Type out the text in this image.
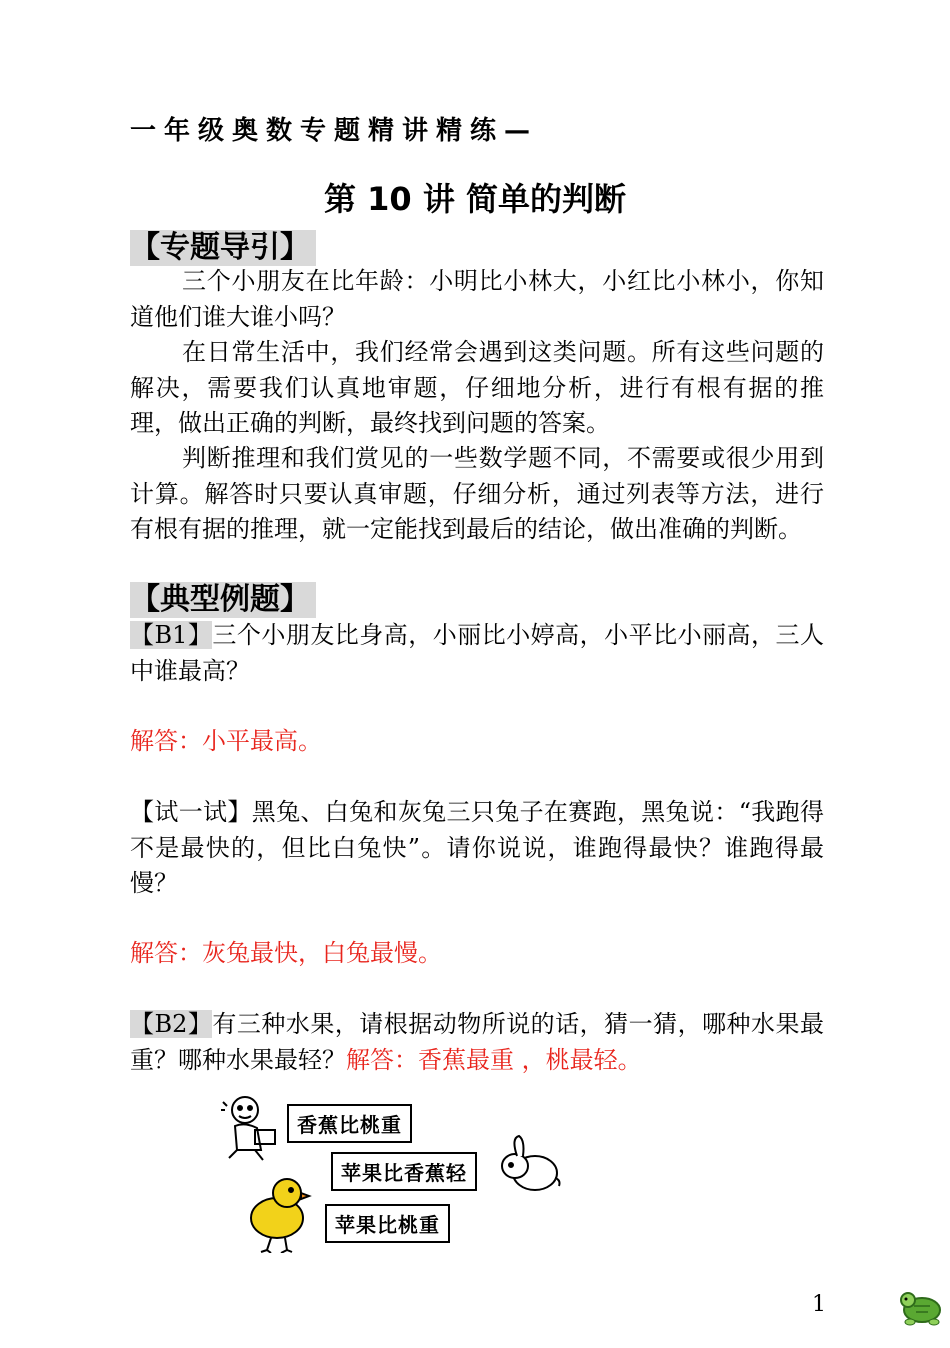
一年级奥数专题精讲精练—
第 10 讲 简单的判断
【专题导引】
三个小朋友在比年龄：小明比小林大，小红比小林小，你知道他们谁大谁小吗？
在日常生活中，我们经常会遇到这类问题。所有这些问题的解决，需要我们认真地审题，仔细地分析，进行有根有据的推理，做出正确的判断，最终找到问题的答案。
判断推理和我们赏见的一些数学题不同，不需要或很少用到计算。解答时只要认真审题，仔细分析，通过列表等方法，进行有根有据的推理，就一定能找到最后的结论，做出准确的判断。
【典型例题】
【B1】三个小朋友比身高，小丽比小婷高，小平比小丽高，三人中谁最高？
解答：小平最高。
【试一试】黑兔、白兔和灰兔三只兔子在赛跑，黑兔说：“我跑得不是最快的，但比白兔快”。请你说说，谁跑得最快？谁跑得最慢？
解答：灰兔最快，白兔最慢。
【B2】有三种水果，请根据动物所说的话，猜一猜，哪种水果最重？哪种水果最轻？解答：香蕉最重 ，桃最轻。
香蕉比桃重
苹果比香蕉轻
苹果比桃重
1
